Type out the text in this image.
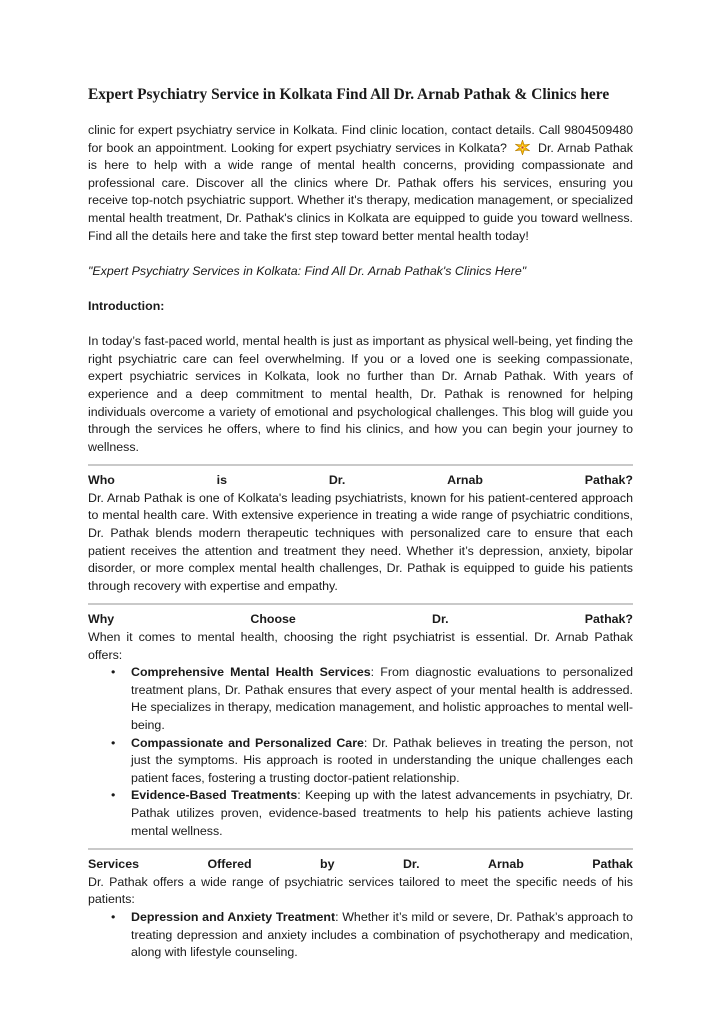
Expert Psychiatry Service in Kolkata Find All Dr. Arnab Pathak & Clinics here

clinic for expert psychiatry service in Kolkata. Find clinic location, contact details. Call 9804509480 for book an appointment. Looking for expert psychiatry services in Kolkata?	Dr. Arnab Pathak is here to help with a wide range of mental health concerns, providing compassionate and professional care. Discover all the clinics where Dr. Pathak offers his services, ensuring you receive top-notch psychiatric support. Whether it's therapy, medication management, or specialized mental health treatment, Dr. Pathak's clinics in Kolkata are equipped to guide you toward wellness. Find all the details here and take the first step toward better mental health today!

"Expert Psychiatry Services in Kolkata: Find All Dr. Arnab Pathak's Clinics Here"

Introduction:

In today’s fast-paced world, mental health is just as important as physical well-being, yet finding the right psychiatric care can feel overwhelming. If you or a loved one is seeking compassionate, expert psychiatric services in Kolkata, look no further than Dr. Arnab Pathak. With years of experience and a deep commitment to mental health, Dr. Pathak is renowned for helping individuals overcome a variety of emotional and psychological challenges. This blog will guide you through the services he offers, where to find his clinics, and how you can begin your journey to wellness.

Who	is	Dr.	Arnab	Pathak?

Dr. Arnab Pathak is one of Kolkata's leading psychiatrists, known for his patient-centered approach to mental health care. With extensive experience in treating a wide range of psychiatric conditions, Dr. Pathak blends modern therapeutic techniques with personalized care to ensure that each patient receives the attention and treatment they need. Whether it’s depression, anxiety, bipolar disorder, or more complex mental health challenges, Dr. Pathak is equipped to guide his patients through recovery with expertise and empathy.

Why	Choose	Dr.	Pathak?

When it comes to mental health, choosing the right psychiatrist is essential. Dr. Arnab Pathak offers:

• Comprehensive Mental Health Services: From diagnostic evaluations to personalized treatment plans, Dr. Pathak ensures that every aspect of your mental health is addressed. He specializes in therapy, medication management, and holistic approaches to mental well-being.
• Compassionate and Personalized Care: Dr. Pathak believes in treating the person, not just the symptoms. His approach is rooted in understanding the unique challenges each patient faces, fostering a trusting doctor-patient relationship.
• Evidence-Based Treatments: Keeping up with the latest advancements in psychiatry, Dr. Pathak utilizes proven, evidence-based treatments to help his patients achieve lasting mental wellness.
Services	Offered	by	Dr.	Arnab	Pathak

Dr. Pathak offers a wide range of psychiatric services tailored to meet the specific needs of his patients:

• Depression and Anxiety Treatment: Whether it’s mild or severe, Dr. Pathak’s approach to treating depression and anxiety includes a combination of psychotherapy and medication, along with lifestyle counseling.
